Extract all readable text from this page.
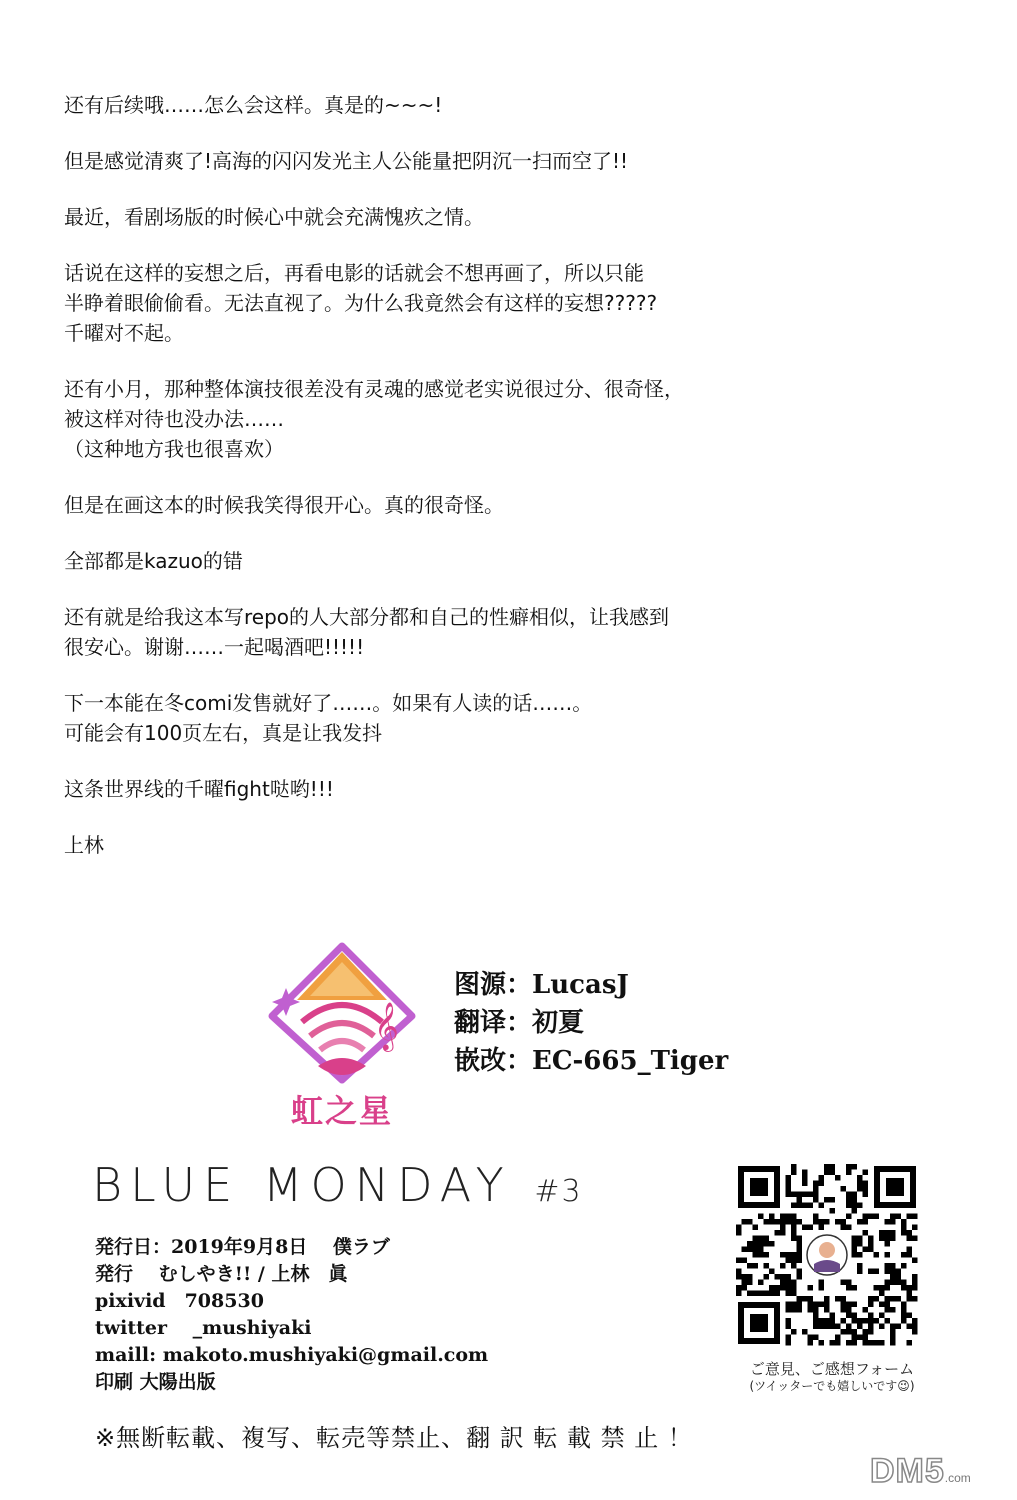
还有后续哦……怎么会这样。真是的~~~!

但是感觉清爽了!高海的闪闪发光主人公能量把阴沉一扫而空了!!

最近，看剧场版的时候心中就会充满愧疚之情。

话说在这样的妄想之后，再看电影的话就会不想再画了，所以只能
半睁着眼偷偷看。无法直视了。为什么我竟然会有这样的妄想?????
千曜对不起。

还有小月，那种整体演技很差没有灵魂的感觉老实说很过分、很奇怪，
被这样对待也没办法……
（这种地方我也很喜欢）

但是在画这本的时候我笑得很开心。真的很奇怪。

全部都是kazuo的错

还有就是给我这本写repo的人大部分都和自己的性癖相似，让我感到
很安心。谢谢……一起喝酒吧!!!!!

下一本能在冬comi发售就好了……。如果有人读的话……。
可能会有100页左右，真是让我发抖

这条世界线的千曜fight哒哟!!!

上林

𝄞
虹之星
图源：LucasJ
翻译：初夏
嵌改：EC-665_Tiger
BLUE MONDAY #3
発行日：2019年9月8日　 僕ラブ
発行　 むしやき!! / 上林　眞
pixivid　708530
twitter　 _mushiyaki
maill: makoto.mushiyaki@gmail.com
印刷 大陽出版
ご意見、ご感想フォーム
(ツイッターでも嬉しいです😉)
※無断転載、複写、転売等禁止、翻 訳 転 載 禁 止 ！
DM5.com
